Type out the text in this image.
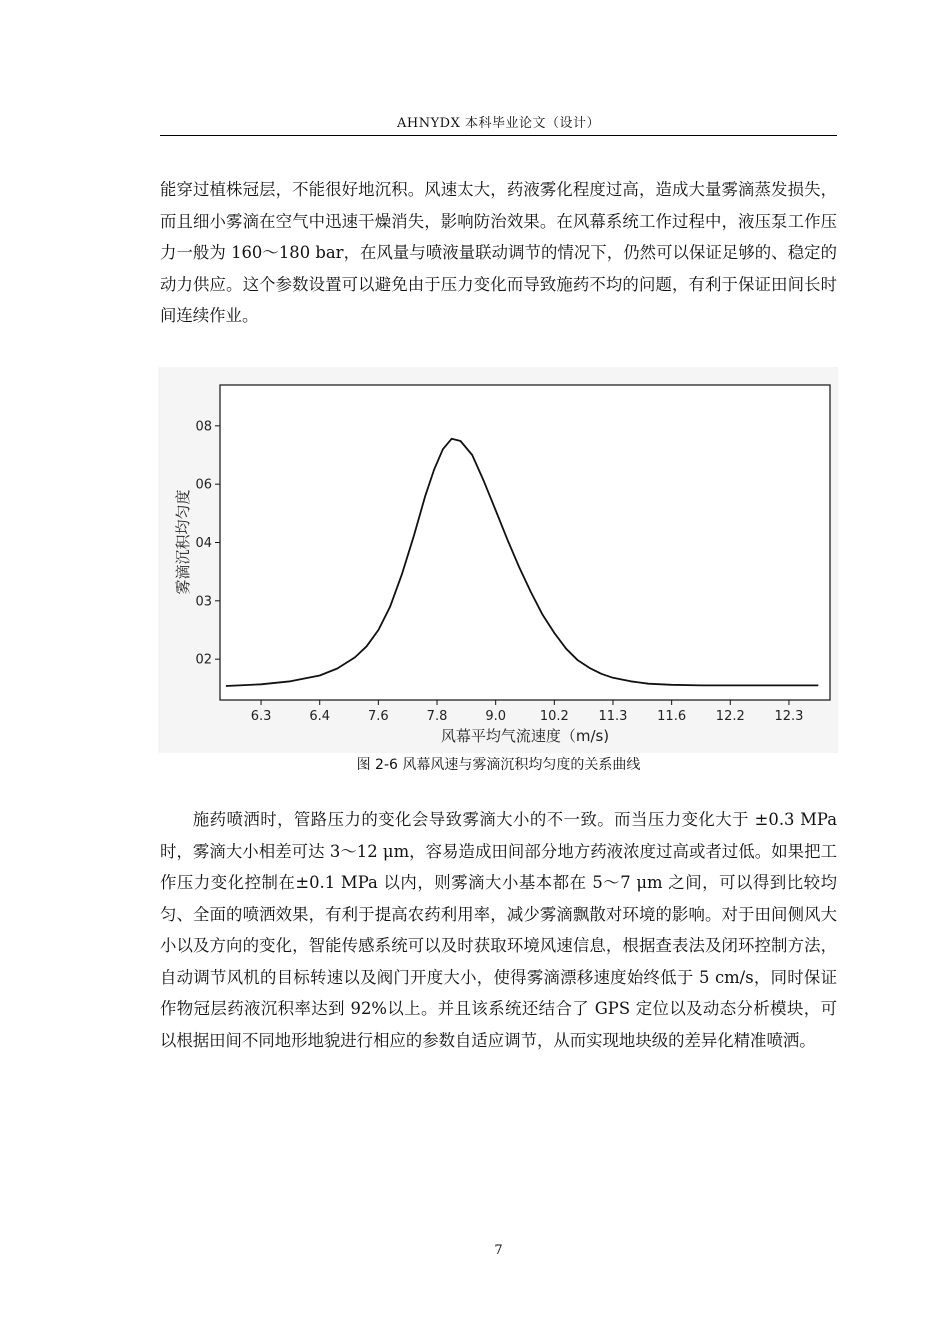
AHNYDX 本科毕业论文（设计）

能穿过植株冠层，不能很好地沉积。风速太大，药液雾化程度过高，造成大量雾滴蒸发损失，而且细小雾滴在空气中迅速干燥消失，影响防治效果。在风幕系统工作过程中，液压泵工作压力一般为 160～180 bar，在风量与喷液量联动调节的情况下，仍然可以保证足够的、稳定的动力供应。这个参数设置可以避免由于压力变化而导致施药不均的问题，有利于保证田间长时间连续作业。

02
03
04
06
08
6.3	6.4	7.6	7.8	9.0	10.2 11.3 11.6 12.2 12.3
风幕平均气流速度（m/s)
雾滴沉积均匀度
图 2-6 风幕风速与雾滴沉积均匀度的关系曲线

施药喷洒时，管路压力的变化会导致雾滴大小的不一致。而当压力变化大于 ±0.3 MPa 时，雾滴大小相差可达 3～12 μm，容易造成田间部分地方药液浓度过高或者过低。如果把工作压力变化控制在±0.1 MPa 以内，则雾滴大小基本都在 5～7 μm 之间，可以得到比较均匀、全面的喷洒效果，有利于提高农药利用率，减少雾滴飘散对环境的影响。对于田间侧风大小以及方向的变化，智能传感系统可以及时获取环境风速信息，根据查表法及闭环控制方法，自动调节风机的目标转速以及阀门开度大小，使得雾滴漂移速度始终低于 5 cm/s，同时保证作物冠层药液沉积率达到 92%以上。并且该系统还结合了 GPS 定位以及动态分析模块，可以根据田间不同地形地貌进行相应的参数自适应调节，从而实现地块级的差异化精准喷洒。

7
